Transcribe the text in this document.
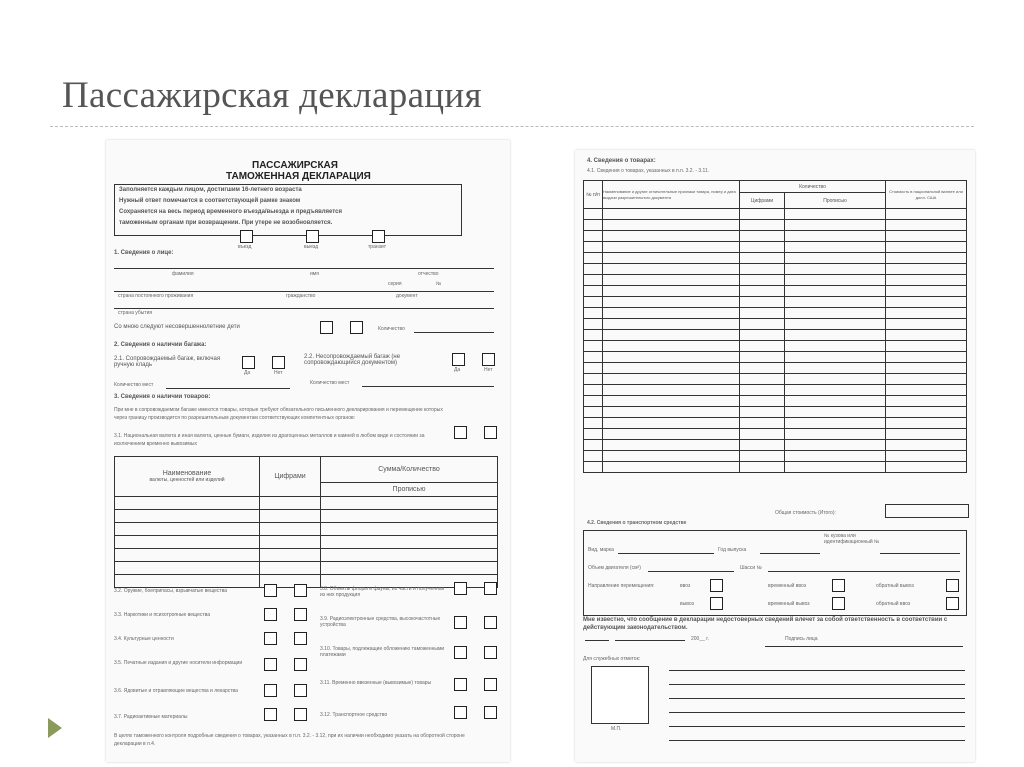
Пассажирская декларация
ПАССАЖИРСКАЯ
ТАМОЖЕННАЯ ДЕКЛАРАЦИЯ
Заполняется каждым лицом, достигшим 16-летнего возраста
Нужный ответ помечается в соответствующей рамке знаком
Сохраняется на весь период временного въезда/выезда и предъявляется
таможенным органам при возвращении. При утере не возобновляется.
въезд	выезд	транзит
1. Сведения о лице:
фамилия	имя	отчество
№
серия
страна постоянного проживания	гражданство	документ
страна убытия
Со мною следуют несовершеннолетние дети	Количество
2. Сведения о наличии багажа:
2.1. Сопровождаемый багаж, включая ручную кладь
Да	Нет
2.2. Несопровождаемый багаж (не сопровождающийся документом)
Да	Нет
Количество мест	Количество мест
3. Сведения о наличии товаров:
При мне в сопровождаемом багаже имеются товары, которые требуют обязательного письменного декларирования и перемещение которых через границу производится по разрешительным документам соответствующих компетентных органов:
3.1. Национальная валюта и иная валюта, ценные бумаги, изделия из драгоценных металлов и камней в любом виде и состоянии за исключением временно вывозимых
Наименование
валюты, ценностей или изделий	Цифрами	Сумма/Количество
		Прописью

3.2. Оружие, боеприпасы, взрывчатые вещества
3.3. Наркотики и психотропные вещества
3.4. Культурные ценности
3.5. Печатные издания и другие носители информации
3.6. Ядовитые и отравляющие вещества и лекарства
3.7. Радиоактивные материалы
3.8. Объекты флоры и фауны, их части и полученная из них продукция
3.9. Радиоэлектронные средства, высокочастотные устройства
3.10. Товары, подлежащие обложению таможенными платежами
3.11. Временно ввезенные (вывозимые) товары
3.12. Транспортное средство
В целях таможенного контроля подробные сведения о товарах, указанных в п.п. 3.2. - 3.12, при их наличии необходимо указать на оборотной стороне декларации в п.4.
4. Сведения о товарах:
4.1. Сведения о товарах, указанных в п.п. 3.2. - 3.11.
№ п/п	Наименование и другие отличительные признаки товара, номер и дата выдачи разрешительного документа	Количество		Стоимость в национальной валюте или долл. США
		Цифрами	Прописью	

Общая стоимость (Итого):
4.2. Сведения о транспортном средстве
Вид, марка	Год выпуска
№ кузова или идентификационный №
Объем двигателя (см³)	Шасси №
Направление перемещения:	ввоз	временный ввоз	обратный вывоз
вывоз	временный вывоз	обратный ввоз
Мне известно, что сообщение в декларации недостоверных сведений влечет за собой ответственность в соответствии с действующим законодательством.
200__ г.	Подпись лица
Для служебных отметок:
М.П.
